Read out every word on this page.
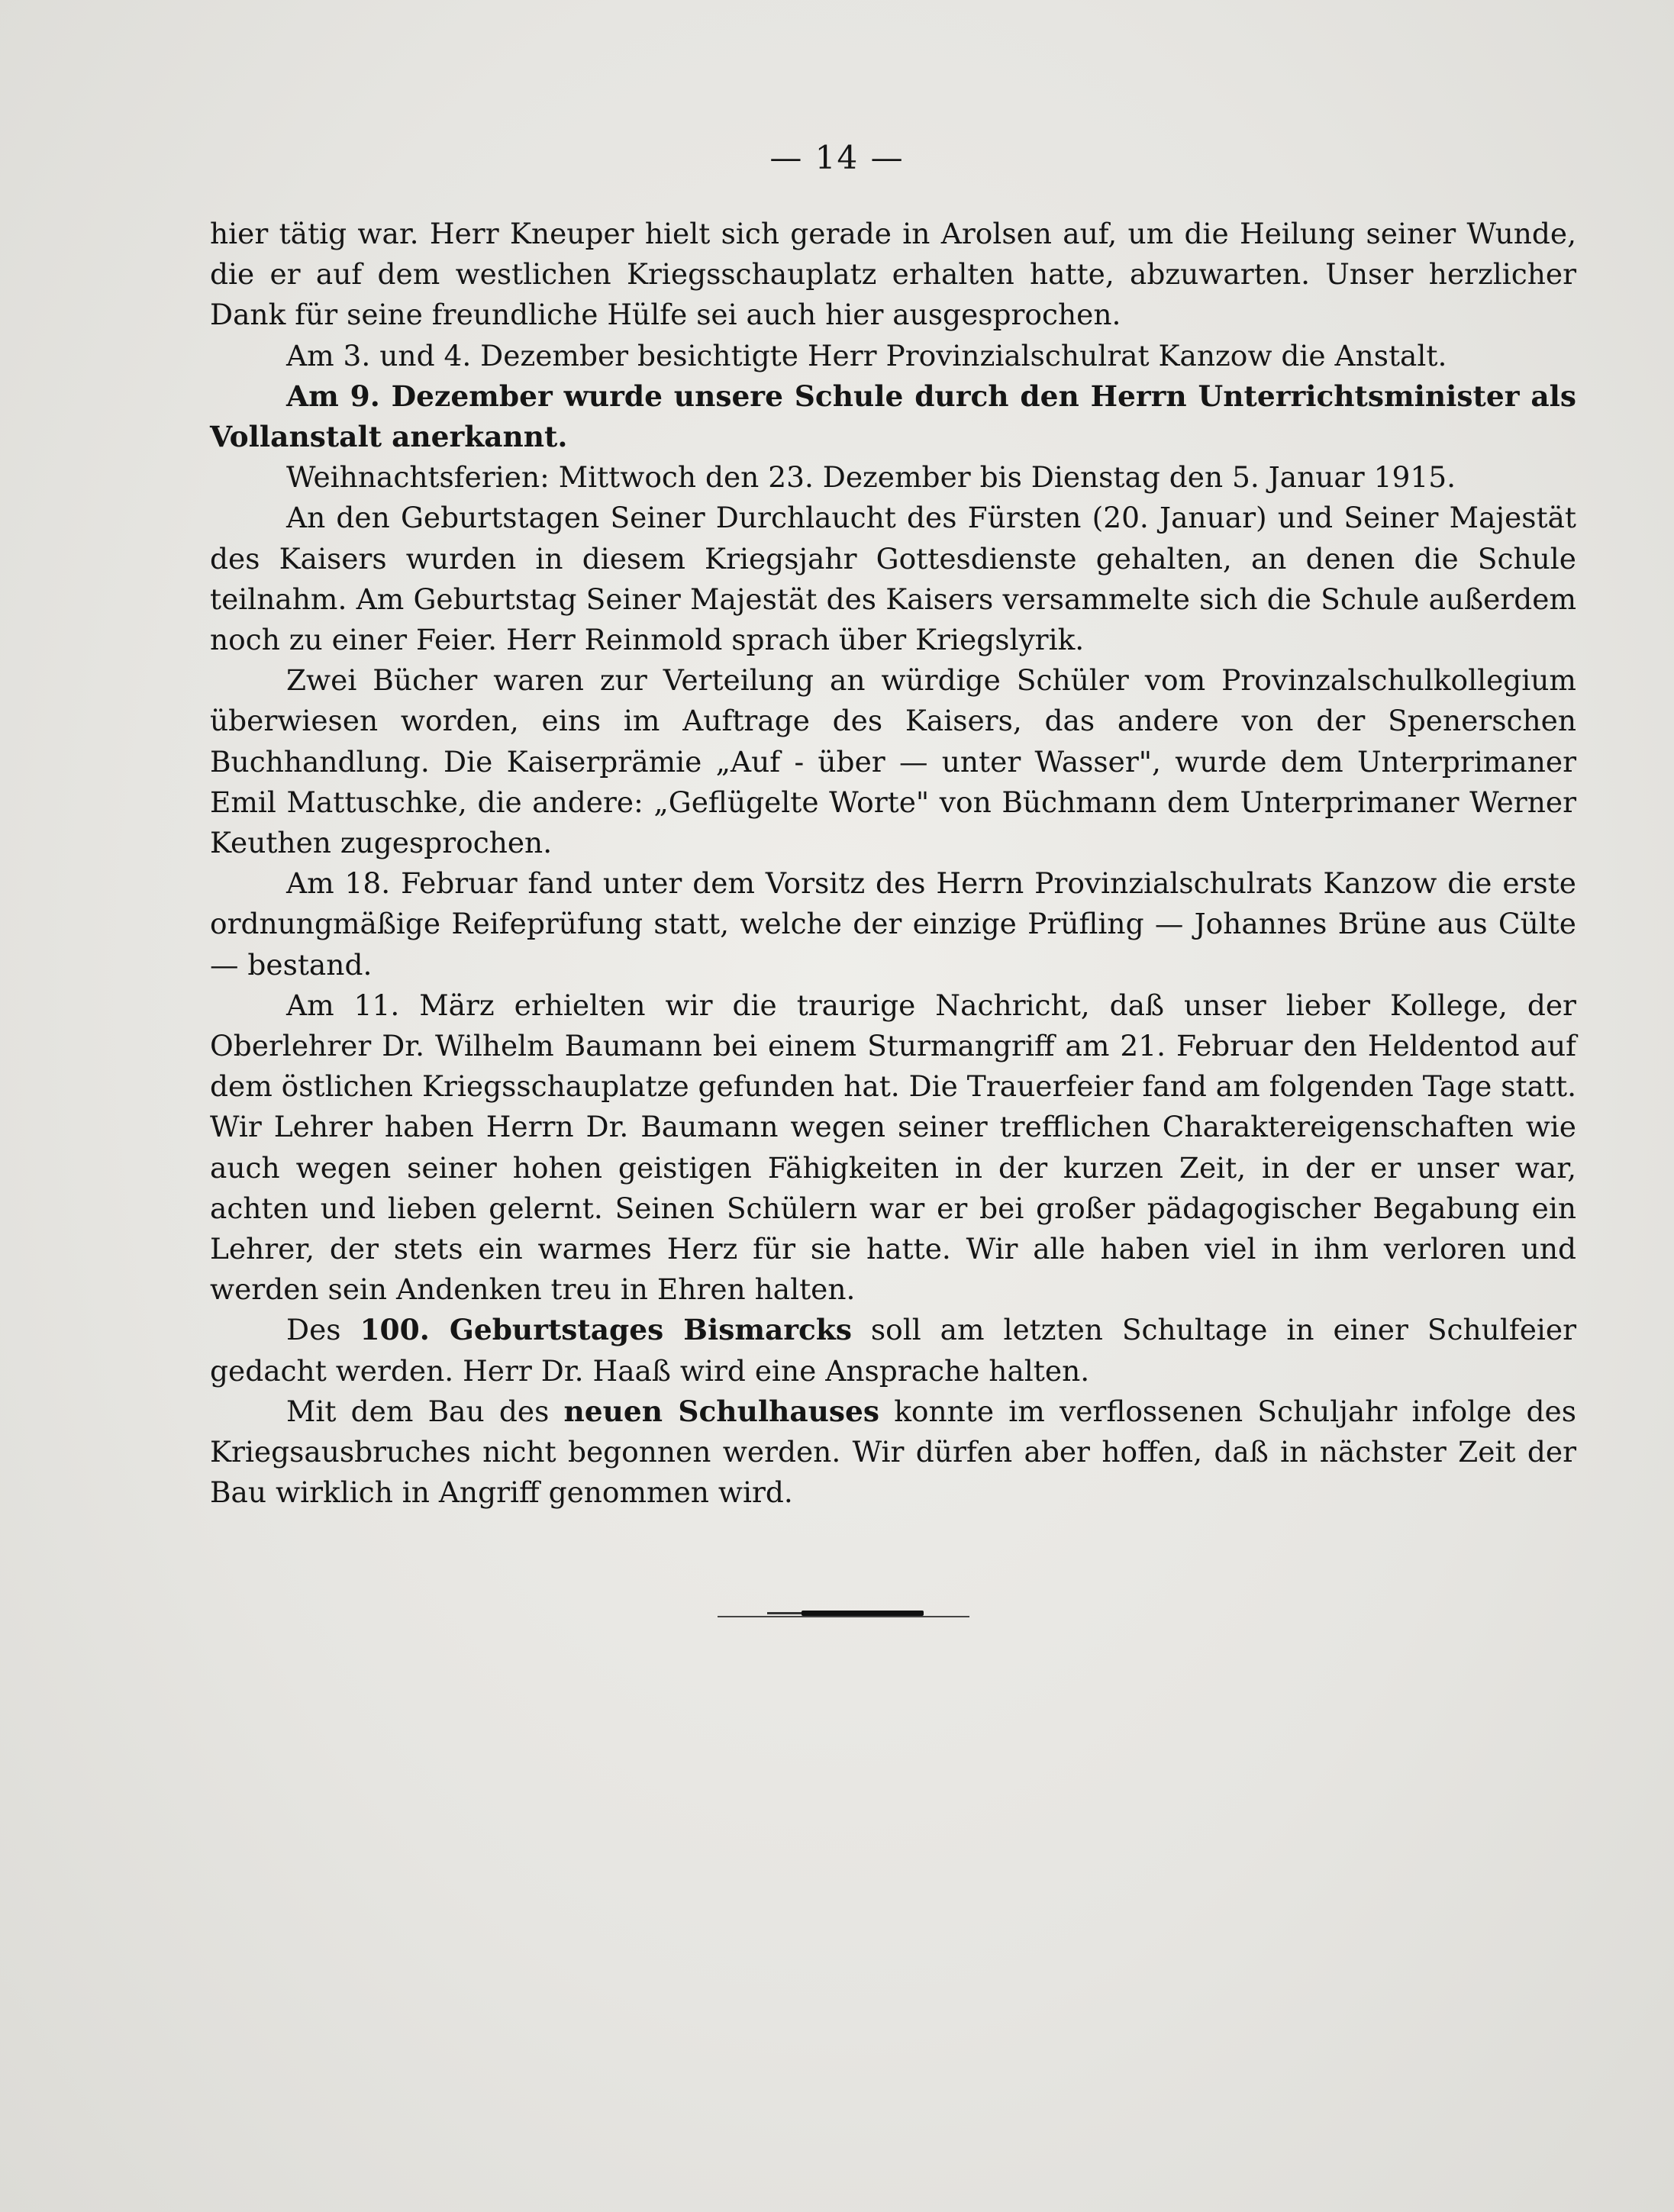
— 14 —

hier tätig war. Herr Kneuper hielt sich gerade in Arolsen auf, um die Heilung seiner Wunde, die er auf dem westlichen Kriegsschauplatz erhalten hatte, abzuwarten. Unser herzlicher Dank für seine freundliche Hülfe sei auch hier ausgesprochen.

Am 3. und 4. Dezember besichtigte Herr Provinzialschulrat Kanzow die Anstalt.

Am 9. Dezember wurde unsere Schule durch den Herrn Unterrichtsminister als Vollanstalt anerkannt.

Weihnachtsferien: Mittwoch den 23. Dezember bis Dienstag den 5. Januar 1915.

An den Geburtstagen Seiner Durchlaucht des Fürsten (20. Januar) und Seiner Majestät des Kaisers wurden in diesem Kriegsjahr Gottesdienste gehalten, an denen die Schule teilnahm. Am Geburtstag Seiner Majestät des Kaisers versammelte sich die Schule außerdem noch zu einer Feier. Herr Reinmold sprach über Kriegslyrik.

Zwei Bücher waren zur Verteilung an würdige Schüler vom Provinzalschulkollegium überwiesen worden, eins im Auftrage des Kaisers, das andere von der Spenerschen Buchhandlung. Die Kaiserprämie „Auf - über — unter Wasser", wurde dem Unterprimaner Emil Mattuschke, die andere: „Geflügelte Worte" von Büchmann dem Unterprimaner Werner Keuthen zugesprochen.

Am 18. Februar fand unter dem Vorsitz des Herrn Provinzialschulrats Kanzow die erste ordnungmäßige Reifeprüfung statt, welche der einzige Prüfling — Johannes Brüne aus Cülte — bestand.

Am 11. März erhielten wir die traurige Nachricht, daß unser lieber Kollege, der Oberlehrer Dr. Wilhelm Baumann bei einem Sturmangriff am 21. Februar den Heldentod auf dem östlichen Kriegsschauplatze gefunden hat. Die Trauerfeier fand am folgenden Tage statt. Wir Lehrer haben Herrn Dr. Baumann wegen seiner trefflichen Charaktereigenschaften wie auch wegen seiner hohen geistigen Fähigkeiten in der kurzen Zeit, in der er unser war, achten und lieben gelernt. Seinen Schülern war er bei großer pädagogischer Begabung ein Lehrer, der stets ein warmes Herz für sie hatte. Wir alle haben viel in ihm verloren und werden sein Andenken treu in Ehren halten.

Des 100. Geburtstages Bismarcks soll am letzten Schultage in einer Schulfeier gedacht werden. Herr Dr. Haaß wird eine Ansprache halten.

Mit dem Bau des neuen Schulhauses konnte im verflossenen Schuljahr infolge des Kriegsausbruches nicht begonnen werden. Wir dürfen aber hoffen, daß in nächster Zeit der Bau wirklich in Angriff genommen wird.
